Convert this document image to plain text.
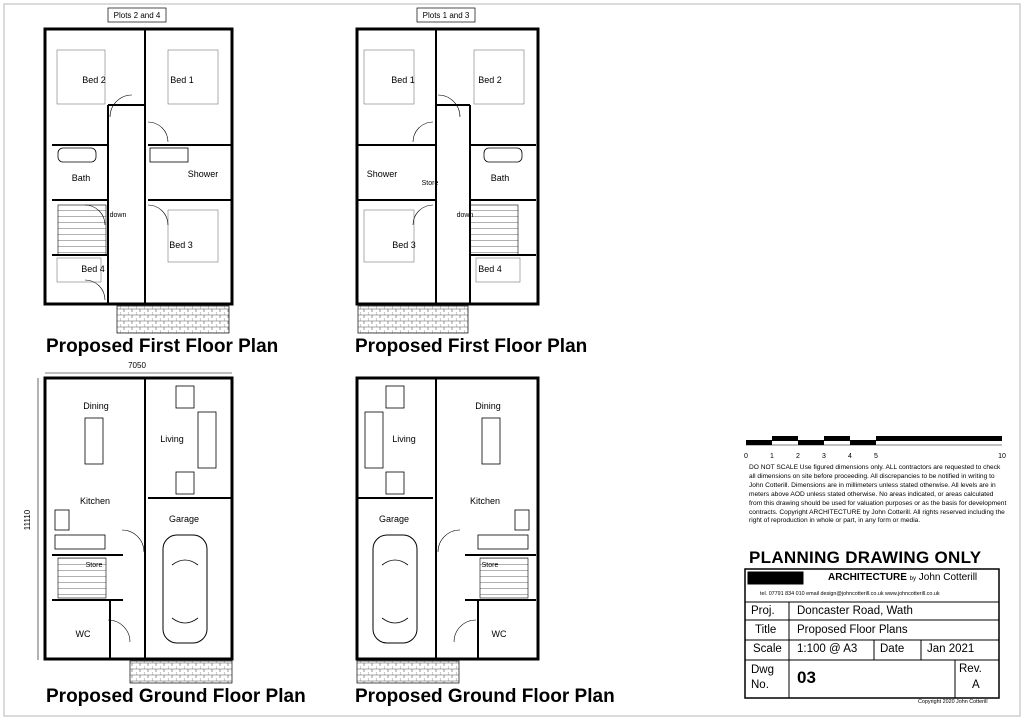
Plots 2 and 4
Bed 2	Bed 1
Bath	Shower
down
Bed 3
Bed 4
Proposed First Floor Plan
Plots 1 and 3
Bed 1	Bed 2
Shower
Store
Bath
down
Bed 3
Bed 4
Proposed First Floor Plan
7050
11110
Dining
Living
Kitchen
Garage
Store
WC
Proposed Ground Floor Plan
Dining
Living
Kitchen
Garage
Store
WC
Proposed Ground Floor Plan
0	1	2	3	4	5	10
DO NOT SCALE Use figured dimensions only. ALL contractors are requested to check all dimensions on site before proceeding. All discrepancies to be notified in writing to John Cotterill. Dimensions are in millimeters unless stated otherwise. All levels are in meters above AOD unless stated otherwise. No areas indicated, or areas calculated from this drawing should be used for valuation purposes or as the basis for development contracts. Copyright ARCHITECTURE by John Cotterill. All rights reserved including the right of reproduction in whole or part, in any form or media.
PLANNING DRAWING ONLY
ARCHITECTURE by John Cotterill
tel. 07791 834 010 email design@johncotterill.co.uk www.johncotterill.co.uk
Proj. Doncaster Road, Wath
Title Proposed Floor Plans
Scale 1:100 @ A3 Date Jan 2021
Dwg No.	03	Rev.
A
Copyright 2020 John Cotterill
